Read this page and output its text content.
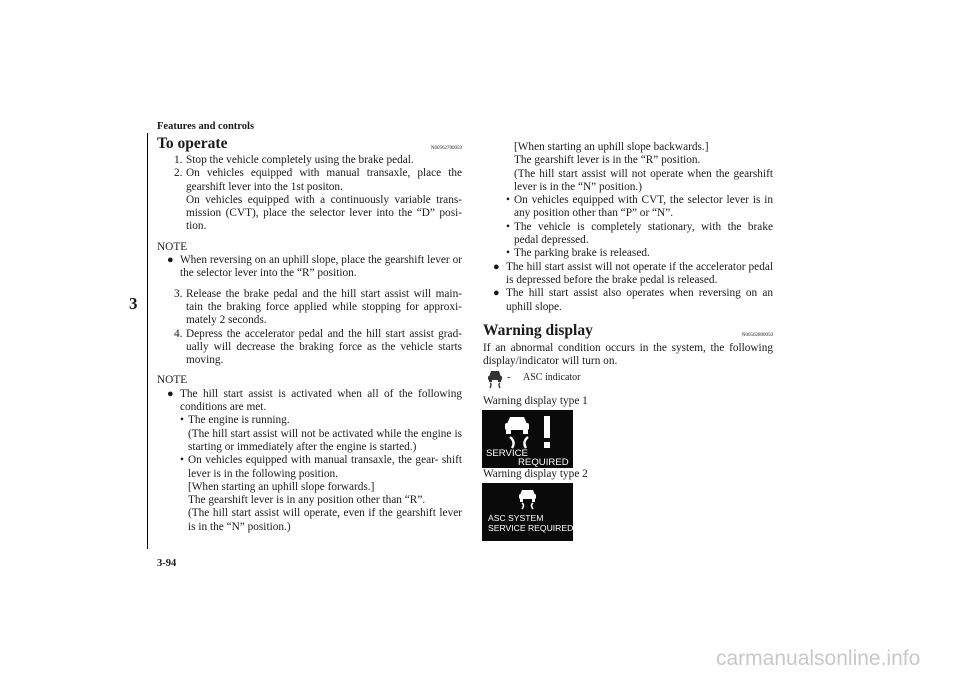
Features and controls
3-94
3
To operate	N00562700059
1. Stop the vehicle completely using the brake pedal.
2. On vehicles equipped with manual transaxle, place the gearshift lever into the 1st positon.
On vehicles equipped with a continuously variable trans- mission (CVT), place the selector lever into the “D” posi- tion.
NOTE
● When reversing on an uphill slope, place the gearshift lever or the selector lever into the “R” position.
3. Release the brake pedal and the hill start assist will main- tain the braking force applied while stopping for approxi- mately 2 seconds.
4. Depress the accelerator pedal and the hill start assist grad- ually will decrease the braking force as the vehicle starts moving.
NOTE
● The hill start assist is activated when all of the following conditions are met.
• The engine is running.
(The hill start assist will not be activated while the engine is starting or immediately after the engine is started.)
• On vehicles equipped with manual transaxle, the gear- shift lever is in the following position.
[When starting an uphill slope forwards.]
The gearshift lever is in any position other than “R”.
(The hill start assist will operate, even if the gearshift lever is in the “N” position.)
[When starting an uphill slope backwards.]
The gearshift lever is in the “R” position.
(The hill start assist will not operate when the gearshift lever is in the “N” position.)
• On vehicles equipped with CVT, the selector lever is in any position other than “P” or “N”.
• The vehicle is completely stationary, with the brake pedal depressed.
• The parking brake is released.
● The hill start assist will not operate if the accelerator pedal is depressed before the brake pedal is released.
● The hill start assist also operates when reversing on an uphill slope.
Warning display	N00562800050
If an abnormal condition occurs in the system, the following display/indicator will turn on.
- ASC indicator
Warning display type 1
SERVICE
REQUIRED
Warning display type 2
ASC SYSTEM
SERVICE REQUIRED
carmanualsonline.info
